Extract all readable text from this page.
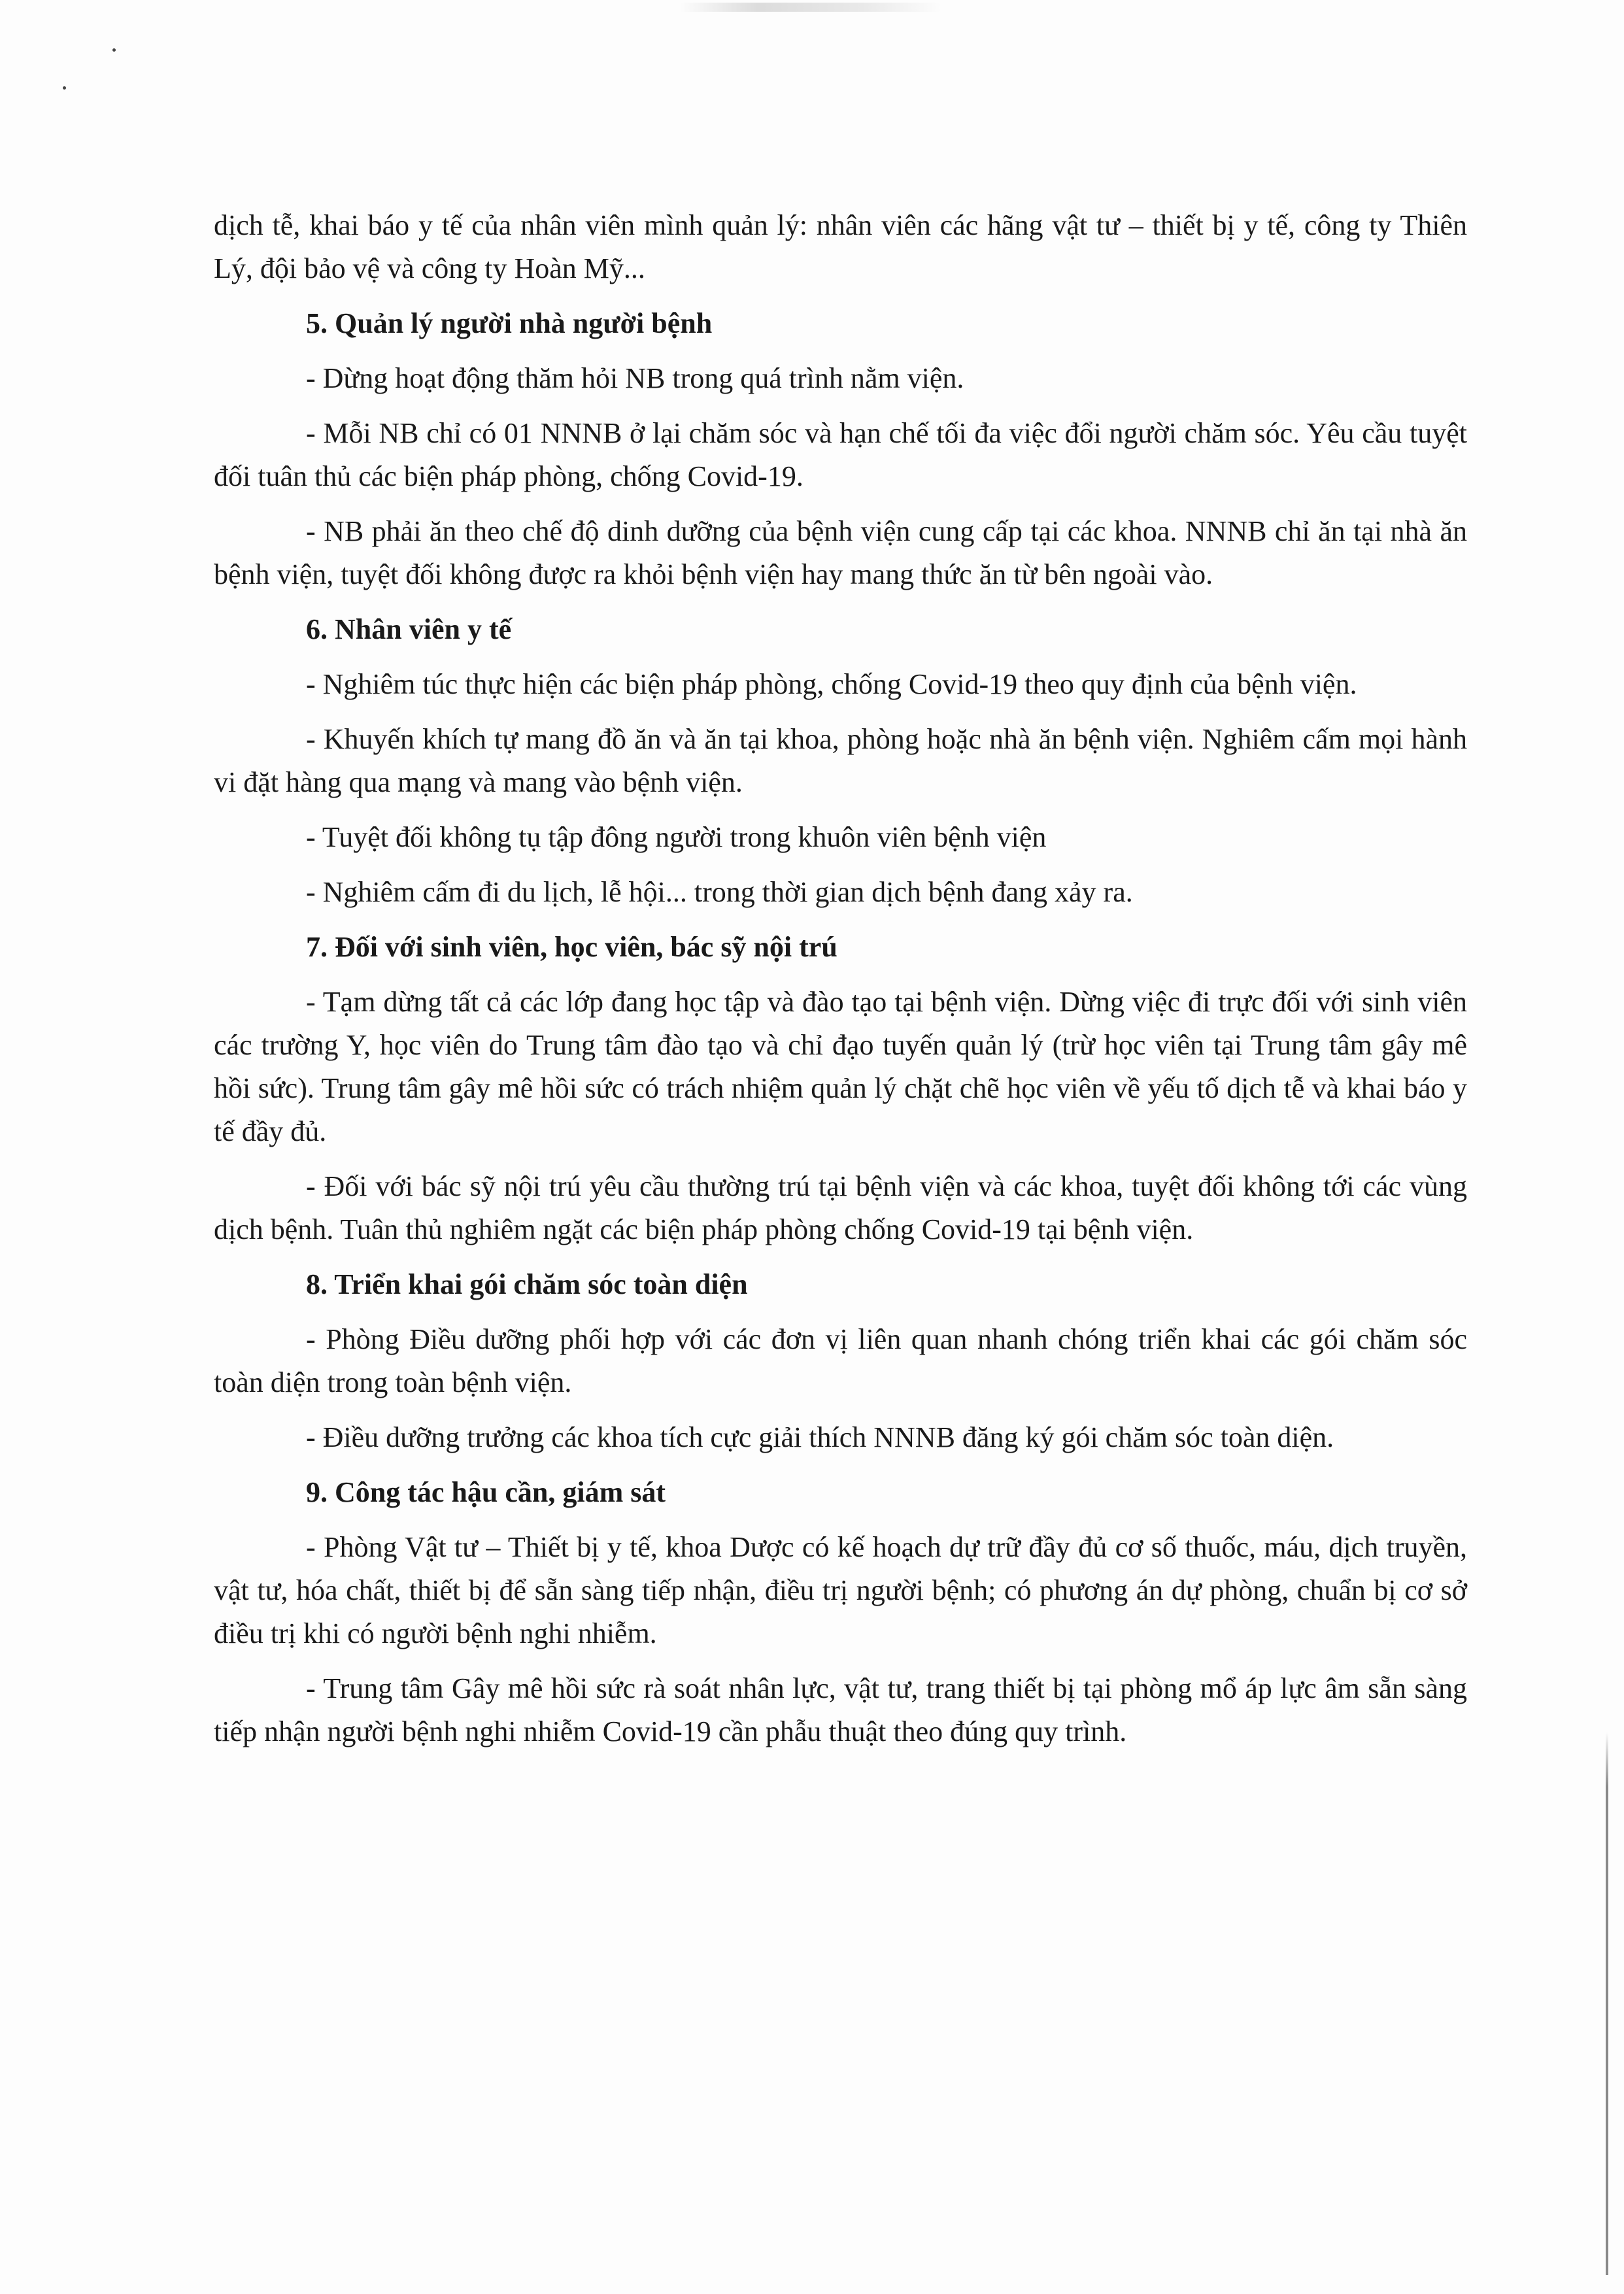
dịch tễ, khai báo y tế của nhân viên mình quản lý: nhân viên các hãng vật tư – thiết bị y tế, công ty Thiên Lý, đội bảo vệ và công ty Hoàn Mỹ...

5. Quản lý người nhà người bệnh

- Dừng hoạt động thăm hỏi NB trong quá trình nằm viện.

- Mỗi NB chỉ có 01 NNNB ở lại chăm sóc và hạn chế tối đa việc đổi người chăm sóc. Yêu cầu tuyệt đối tuân thủ các biện pháp phòng, chống Covid-19.

- NB phải ăn theo chế độ dinh dưỡng của bệnh viện cung cấp tại các khoa. NNNB chỉ ăn tại nhà ăn bệnh viện, tuyệt đối không được ra khỏi bệnh viện hay mang thức ăn từ bên ngoài vào.

6. Nhân viên y tế

- Nghiêm túc thực hiện các biện pháp phòng, chống Covid-19 theo quy định của bệnh viện.

- Khuyến khích tự mang đồ ăn và ăn tại khoa, phòng hoặc nhà ăn bệnh viện. Nghiêm cấm mọi hành vi đặt hàng qua mạng và mang vào bệnh viện.

- Tuyệt đối không tụ tập đông người trong khuôn viên bệnh viện

- Nghiêm cấm đi du lịch, lễ hội... trong thời gian dịch bệnh đang xảy ra.

7. Đối với sinh viên, học viên, bác sỹ nội trú

- Tạm dừng tất cả các lớp đang học tập và đào tạo tại bệnh viện. Dừng việc đi trực đối với sinh viên các trường Y, học viên do Trung tâm đào tạo và chỉ đạo tuyến quản lý (trừ học viên tại Trung tâm gây mê hồi sức). Trung tâm gây mê hồi sức có trách nhiệm quản lý chặt chẽ học viên về yếu tố dịch tễ và khai báo y tế đầy đủ.

- Đối với bác sỹ nội trú yêu cầu thường trú tại bệnh viện và các khoa, tuyệt đối không tới các vùng dịch bệnh. Tuân thủ nghiêm ngặt các biện pháp phòng chống Covid-19 tại bệnh viện.

8. Triển khai gói chăm sóc toàn diện

- Phòng Điều dưỡng phối hợp với các đơn vị liên quan nhanh chóng triển khai các gói chăm sóc toàn diện trong toàn bệnh viện.

- Điều dưỡng trưởng các khoa tích cực giải thích NNNB đăng ký gói chăm sóc toàn diện.

9. Công tác hậu cần, giám sát

- Phòng Vật tư – Thiết bị y tế, khoa Dược có kế hoạch dự trữ đầy đủ cơ số thuốc, máu, dịch truyền, vật tư, hóa chất, thiết bị để sẵn sàng tiếp nhận, điều trị người bệnh; có phương án dự phòng, chuẩn bị cơ sở điều trị khi có người bệnh nghi nhiễm.

- Trung tâm Gây mê hồi sức rà soát nhân lực, vật tư, trang thiết bị tại phòng mổ áp lực âm sẵn sàng tiếp nhận người bệnh nghi nhiễm Covid-19 cần phẫu thuật theo đúng quy trình.
